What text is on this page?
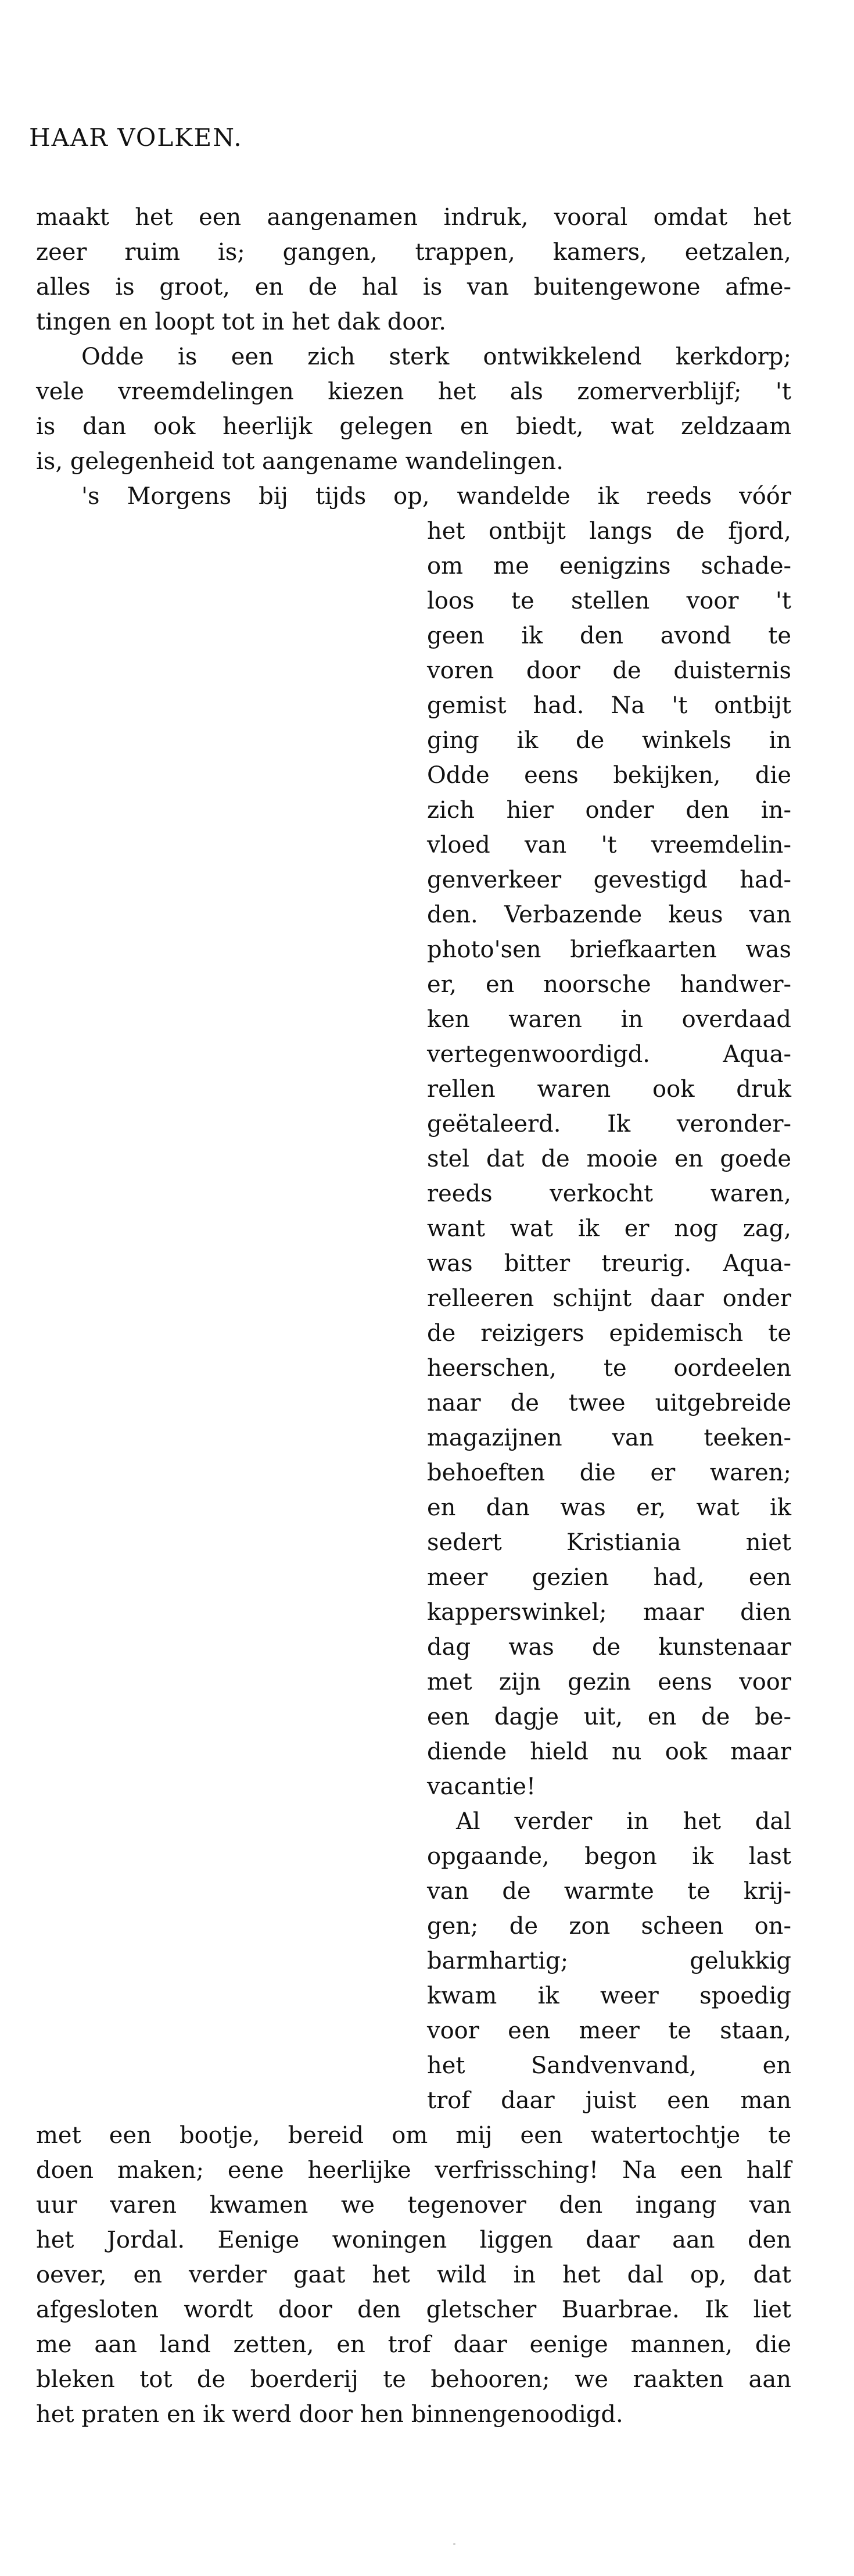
HAAR VOLKEN.
maakt het een aangenamen indruk, vooral omdat het
zeer ruim is; gangen, trappen, kamers, eetzalen,
alles is groot, en de hal is van buitengewone afme-
tingen en loopt tot in het dak door.
Odde is een zich sterk ontwikkelend kerkdorp;
vele vreemdelingen kiezen het als zomerverblijf; 't
is dan ook heerlijk gelegen en biedt, wat zeldzaam
is, gelegenheid tot aangename wandelingen.
's Morgens bij tijds op, wandelde ik reeds vóór
het ontbijt langs de fjord,
om me eenigzins schade-
loos te stellen voor 't
geen ik den avond te
voren door de duisternis
gemist had. Na 't ontbijt
ging ik de winkels in
Odde eens bekijken, die
zich hier onder den in-
vloed van 't vreemdelin-
genverkeer gevestigd had-
den. Verbazende keus van
photo'sen briefkaarten was
er, en noorsche handwer-
ken waren in overdaad
vertegenwoordigd. Aqua-
rellen waren ook druk
geëtaleerd. Ik veronder-
stel dat de mooie en goede
reeds verkocht waren,
want wat ik er nog zag,
was bitter treurig. Aqua-
relleeren schijnt daar onder
de reizigers epidemisch te
heerschen, te oordeelen
naar de twee uitgebreide
magazijnen van teeken-
behoeften die er waren;
en dan was er, wat ik
sedert Kristiania niet
meer gezien had, een
kapperswinkel; maar dien
dag was de kunstenaar
met zijn gezin eens voor
een dagje uit, en de be-
diende hield nu ook maar
vacantie!
Al verder in het dal
opgaande, begon ik last
van de warmte te krij-
gen; de zon scheen on-
barmhartig; gelukkig
kwam ik weer spoedig
voor een meer te staan,
het Sandvenvand, en
trof daar juist een man
met een bootje, bereid om mij een watertochtje te
doen maken; eene heerlijke verfrissching! Na een half
uur varen kwamen we tegenover den ingang van
het Jordal. Eenige woningen liggen daar aan den
oever, en verder gaat het wild in het dal op, dat
afgesloten wordt door den gletscher Buarbrae. Ik liet
me aan land zetten, en trof daar eenige mannen, die
bleken tot de boerderij te behooren; we raakten aan
het praten en ik werd door hen binnengenoodigd.
